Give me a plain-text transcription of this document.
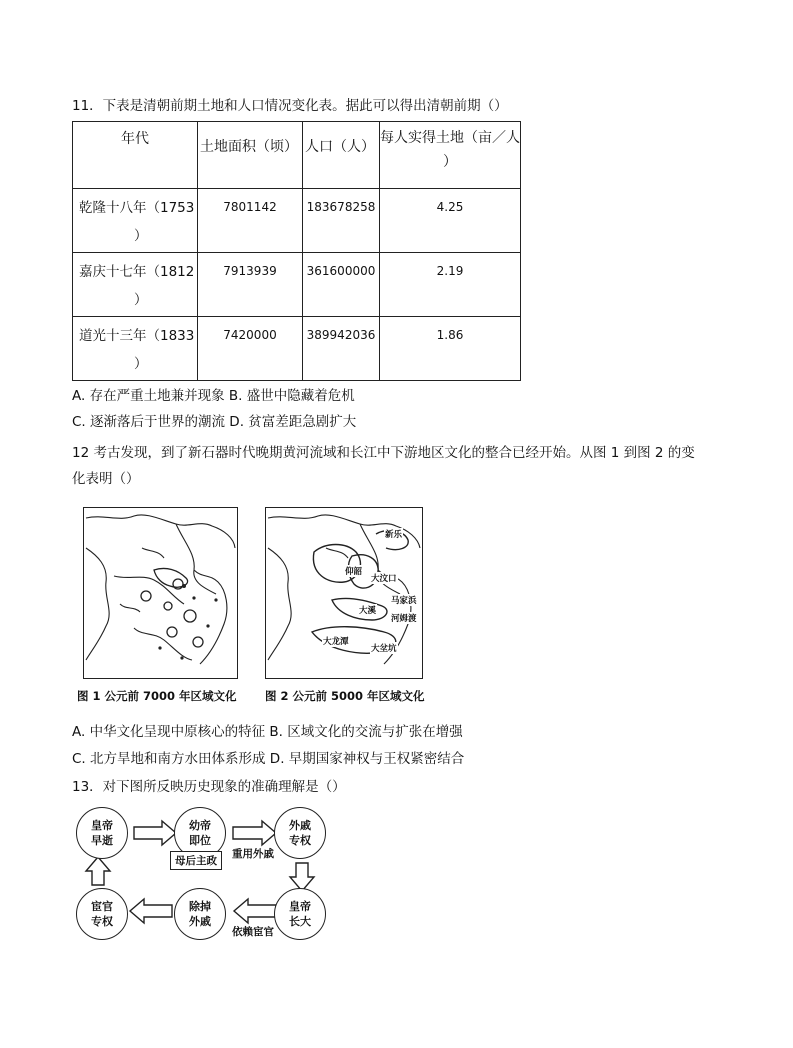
11．下表是清朝前期土地和人口情况变化表。据此可以得出清朝前期（）
年代	土地面积（顷）	人口（人）	每人实得土地（亩／人
）
乾隆十八年（1753
）	7801142	183678258	4.25
嘉庆十七年（1812
）	7913939	361600000	2.19
道光十三年（1833
）	7420000	389942036	1.86
A. 存在严重土地兼并现象 B. 盛世中隐藏着危机
C. 逐渐落后于世界的潮流 D. 贫富差距急剧扩大
12 考古发现，到了新石器时代晚期黄河流域和长江中下游地区文化的整合已经开始。从图 1 到图 2 的变
化表明（）
图 1 公元前 7000 年区域文化
新乐
仰韶
大汶口
马家浜
河姆渡
大溪
大龙潭
大坌坑
图 2 公元前 5000 年区域文化
A. 中华文化呈现中原核心的特征 B. 区域文化的交流与扩张在增强
C. 北方旱地和南方水田体系形成 D. 早期国家神权与王权紧密结合
13．对下图所反映历史现象的准确理解是（）
皇帝
早逝
幼帝
即位
外戚
专权
皇帝
长大
除掉
外戚
宦官
专权
母后主政
重用外戚
依赖宦官
